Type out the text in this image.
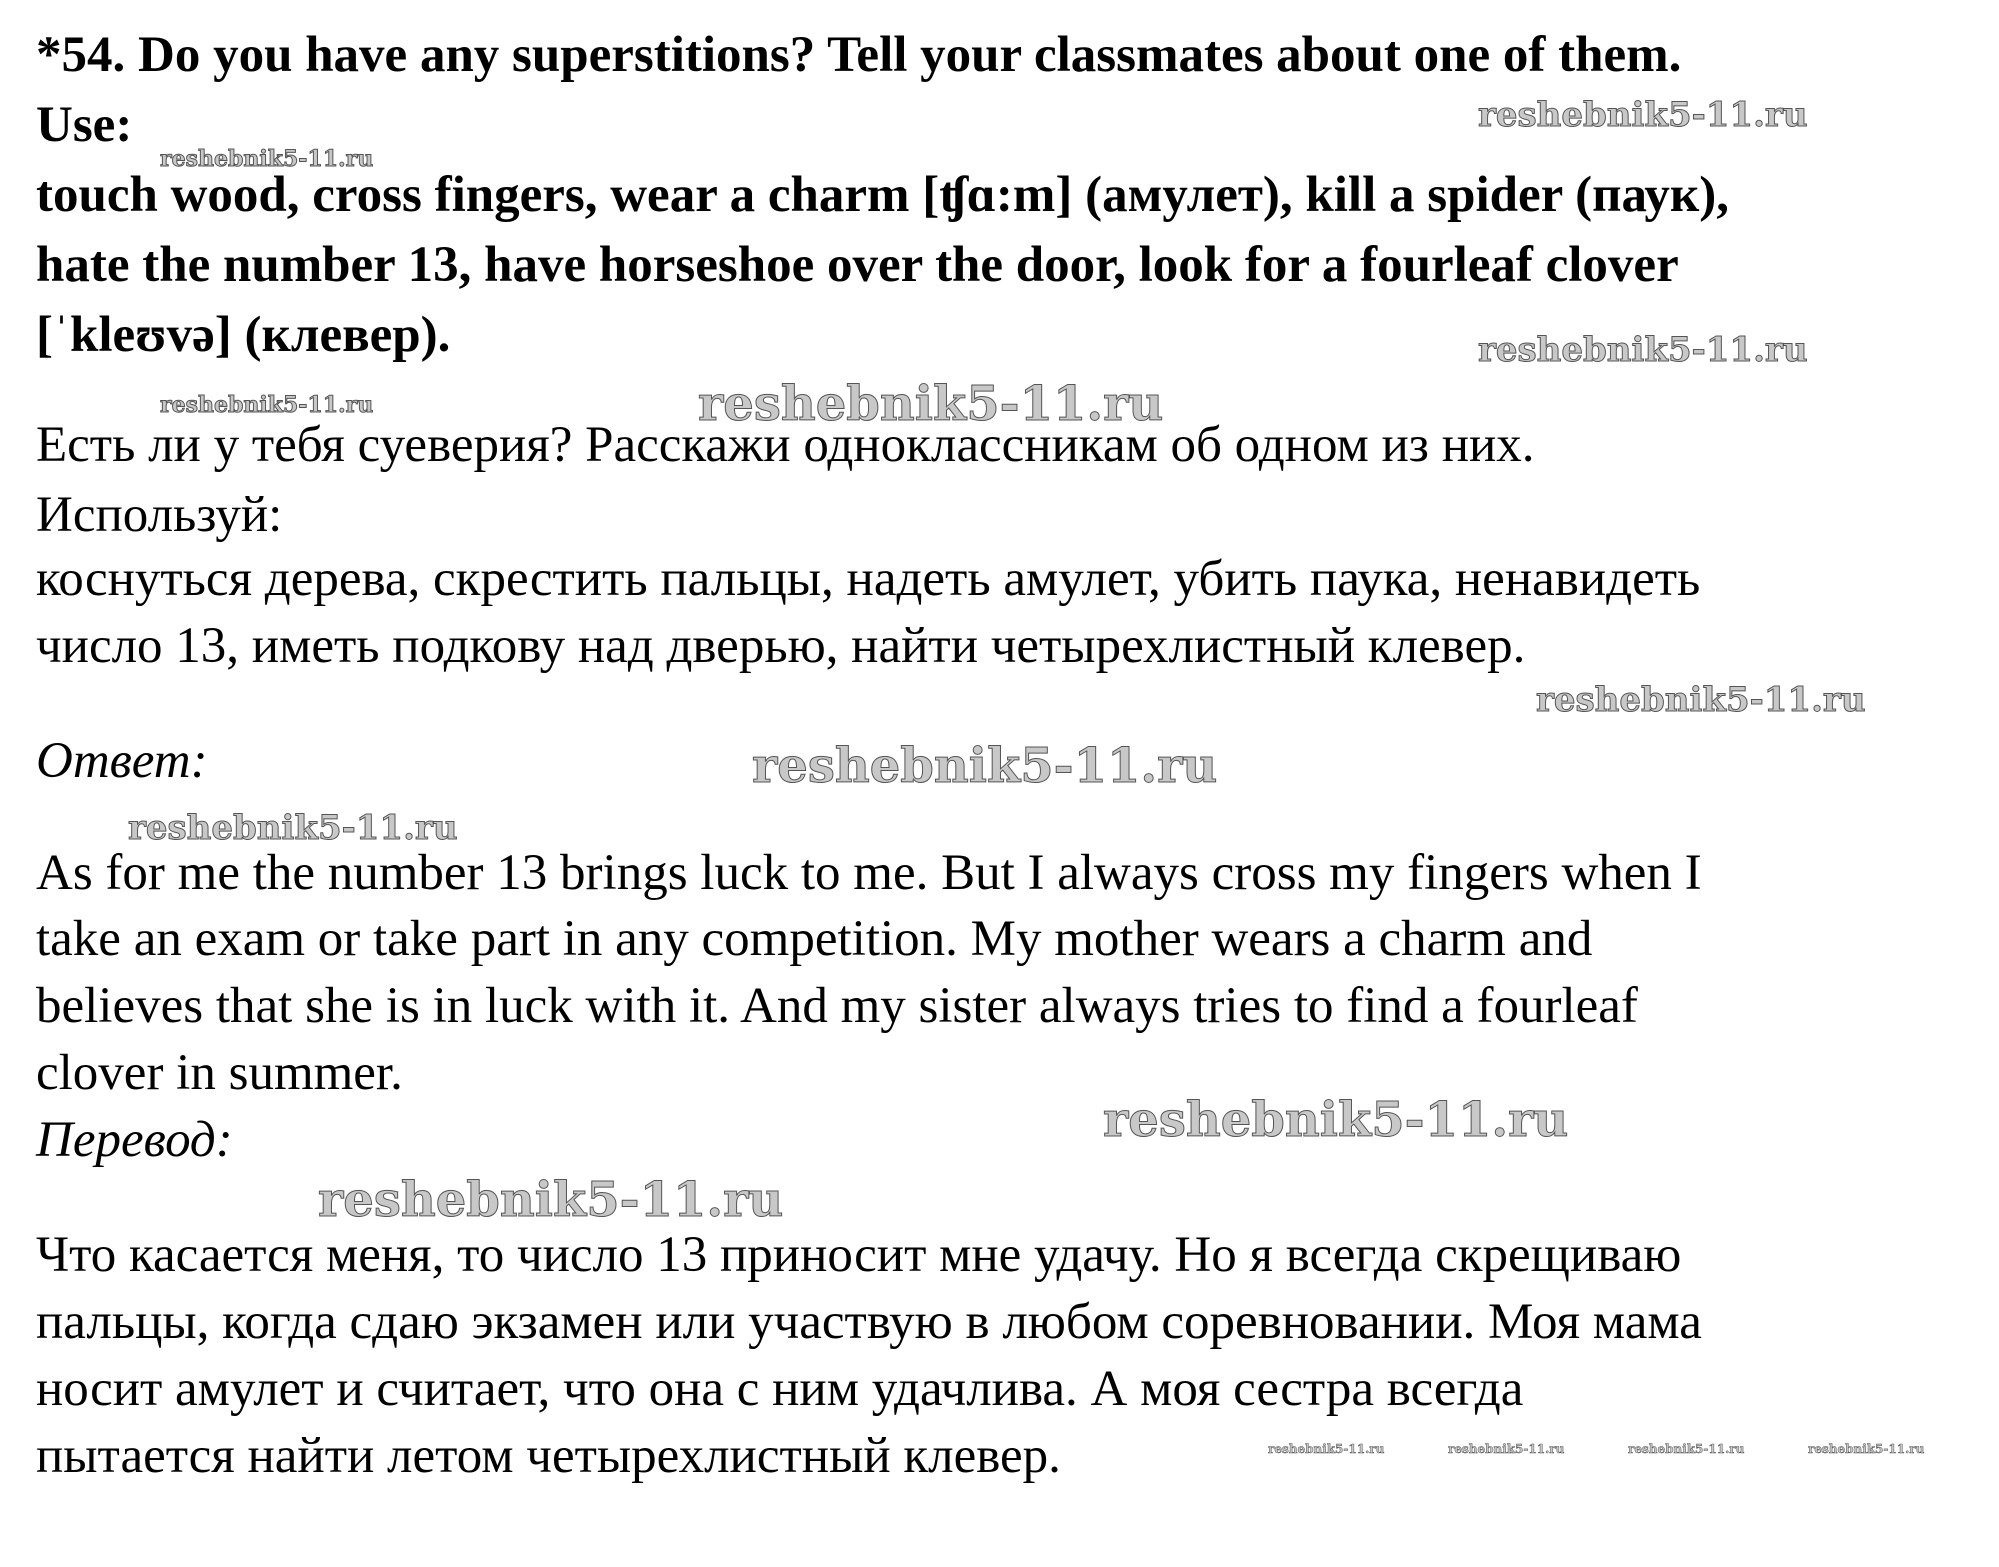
*54. Do you have any superstitions? Tell your classmates about one of them.
Use:
touch wood, cross fingers, wear a charm [ʧɑ:m] (амулет), kill a spider (паук),
hate the number 13, have horseshoe over the door, look for a fourleaf clover
[ˈkleʊvə] (клевер).
Есть ли у тебя суеверия? Расскажи одноклассникам об одном из них.
Используй:
коснуться дерева, скрестить пальцы, надеть амулет, убить паука, ненавидеть
число 13, иметь подкову над дверью, найти четырехлистный клевер.
Ответ:
As for me the number 13 brings luck to me. But I always cross my fingers when I
take an exam or take part in any competition. My mother wears a charm and
believes that she is in luck with it. And my sister always tries to find a fourleaf
clover in summer.
Перевод:
Что касается меня, то число 13 приносит мне удачу. Но я всегда скрещиваю
пальцы, когда сдаю экзамен или участвую в любом соревновании. Моя мама
носит амулет и считает, что она с ним удачлива. А моя сестра всегда
пытается найти летом четырехлистный клевер.
reshebnik5-11.ru
reshebnik5-11.ru
reshebnik5-11.ru
reshebnik5-11.ru	reshebnik5-11.ru
reshebnik5-11.ru
reshebnik5-11.ru
reshebnik5-11.ru
reshebnik5-11.ru
reshebnik5-11.ru
reshebnik5-11.ru	reshebnik5-11.ru	reshebnik5-11.ru	reshebnik5-11.ru
